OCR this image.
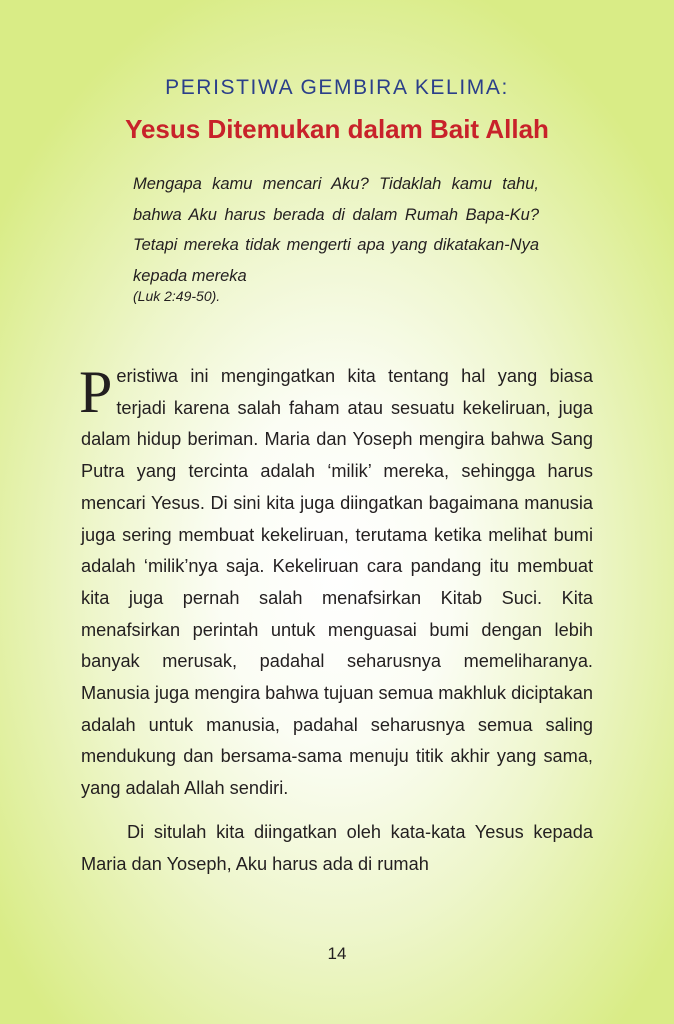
PERISTIWA GEMBIRA KELIMA:
Yesus Ditemukan dalam Bait Allah
Mengapa kamu mencari Aku? Tidaklah kamu tahu, bahwa Aku harus berada di dalam Rumah Bapa-Ku? Tetapi mereka tidak mengerti apa yang dikatakan-Nya kepada mereka
(Luk 2:49-50).

Peristiwa ini mengingatkan kita tentang hal yang biasa terjadi karena salah faham atau sesuatu kekeliruan, juga dalam hidup beriman. Maria dan Yoseph mengira bahwa Sang Putra yang tercinta adalah ‘milik’ mereka, sehingga harus mencari Yesus. Di sini kita juga diingatkan bagaimana manusia juga sering membuat kekeliruan, terutama ketika melihat bumi adalah ‘milik’nya saja. Kekeliruan cara pandang itu membuat kita juga pernah salah menafsirkan Kitab Suci. Kita menafsirkan perintah untuk menguasai bumi dengan lebih banyak merusak, padahal seharusnya memeliharanya. Manusia juga mengira bahwa tujuan semua makhluk diciptakan adalah untuk manusia, padahal seharusnya semua saling mendukung dan bersama-sama menuju titik akhir yang sama, yang adalah Allah sendiri.

Di situlah kita diingatkan oleh kata-kata Yesus kepada Maria dan Yoseph, Aku harus ada di rumah

14
